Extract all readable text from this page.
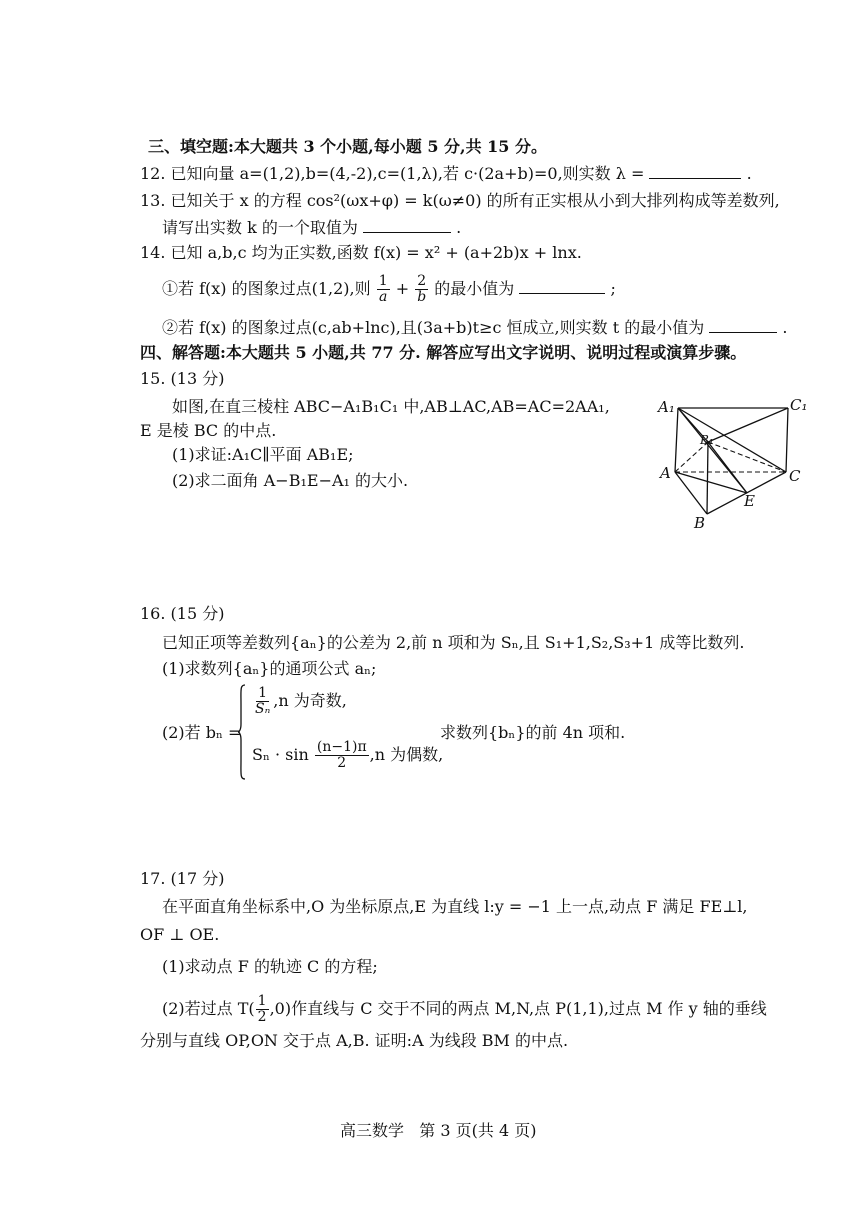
三、填空题:本大题共 3 个小题,每小题 5 分,共 15 分。
12. 已知向量 a=(1,2),b=(4,-2),c=(1,λ),若 c·(2a+b)=0,则实数 λ =	.
13. 已知关于 x 的方程 cos²(ωx+φ) = k(ω≠0) 的所有正实根从小到大排列构成等差数列,
请写出实数 k 的一个取值为	.
14. 已知 a,b,c 均为正实数,函数 f(x) = x² + (a+2b)x + lnx.
①若 f(x) 的图象过点(1,2),则 $\frac{1}{a} + \frac{2}{b}$ 的最小值为	;
②若 f(x) 的图象过点(c,ab+lnc),且(3a+b)t≥c 恒成立,则实数 t 的最小值为	.
四、解答题:本大题共 5 小题,共 77 分. 解答应写出文字说明、说明过程或演算步骤。
15. (13 分)
如图,在直三棱柱 ABC−A₁B₁C₁ 中,AB⊥AC,AB=AC=2AA₁,
E 是棱 BC 的中点.
(1)求证:A₁C∥平面 AB₁E;
(2)求二面角 A−B₁E−A₁ 的大小.
A₁	C₁
B₁
A	C
E
B
16. (15 分)
已知正项等差数列{aₙ}的公差为 2,前 n 项和为 Sₙ,且 S₁+1,S₂,S₃+1 成等比数列.
(1)求数列{aₙ}的通项公式 aₙ;
(2)若 bₙ =
$\frac{1}{\text{Sₙ}} ,n$ 为奇数,
$S_n \cdot \sin \frac{(n-1)\pi}{2} ,n$ 为偶数,
求数列{bₙ}的前 4n 项和.
17. (17 分)
在平面直角坐标系中,O 为坐标原点,E 为直线 l:y = −1 上一点,动点 F 满足 FE⊥l,
OF ⊥ OE.
(1)求动点 F 的轨迹 C 的方程;
(2)若过点 $T( \frac{1}{2} ,0)$作直线与 C 交于不同的两点 M,N,点 P(1,1),过点 M 作 y 轴的垂线
分别与直线 OP,ON 交于点 A,B. 证明:A 为线段 BM 的中点.
高三数学   第 3 页(共 4 页)
